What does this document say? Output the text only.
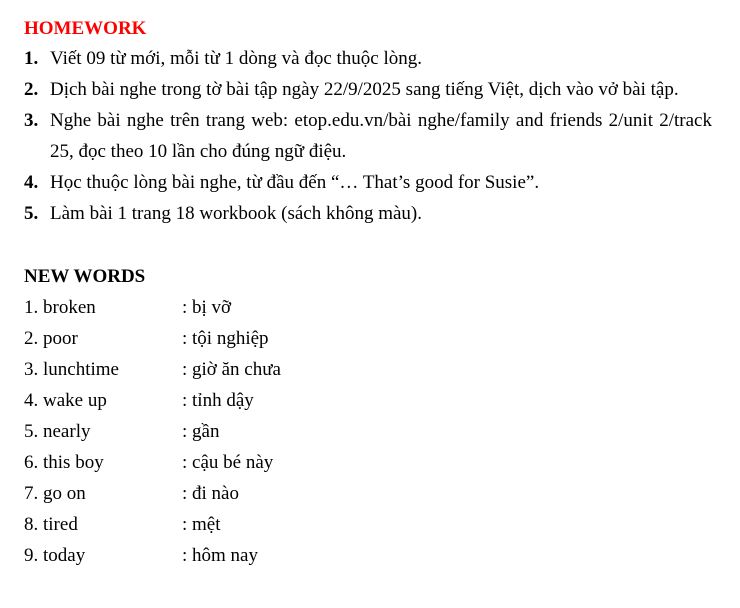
HOMEWORK
1. Viết 09 từ mới, mỗi từ 1 dòng và đọc thuộc lòng.
2. Dịch bài nghe trong tờ bài tập ngày 22/9/2025 sang tiếng Việt, dịch vào vở bài tập.
3. Nghe bài nghe trên trang web: etop.edu.vn/bài nghe/family and friends 2/unit 2/track 25, đọc theo 10 lần cho đúng ngữ điệu.
4. Học thuộc lòng bài nghe, từ đầu đến “… That’s good for Susie”.
5. Làm bài 1 trang 18 workbook (sách không màu).
NEW WORDS
1. broken	: bị vỡ
2. poor	: tội nghiệp
3. lunchtime	: giờ ăn chưa
4. wake up	: tỉnh dậy
5. nearly	: gần
6. this boy	: cậu bé này
7. go on	: đi nào
8. tired	: mệt
9. today	: hôm nay
